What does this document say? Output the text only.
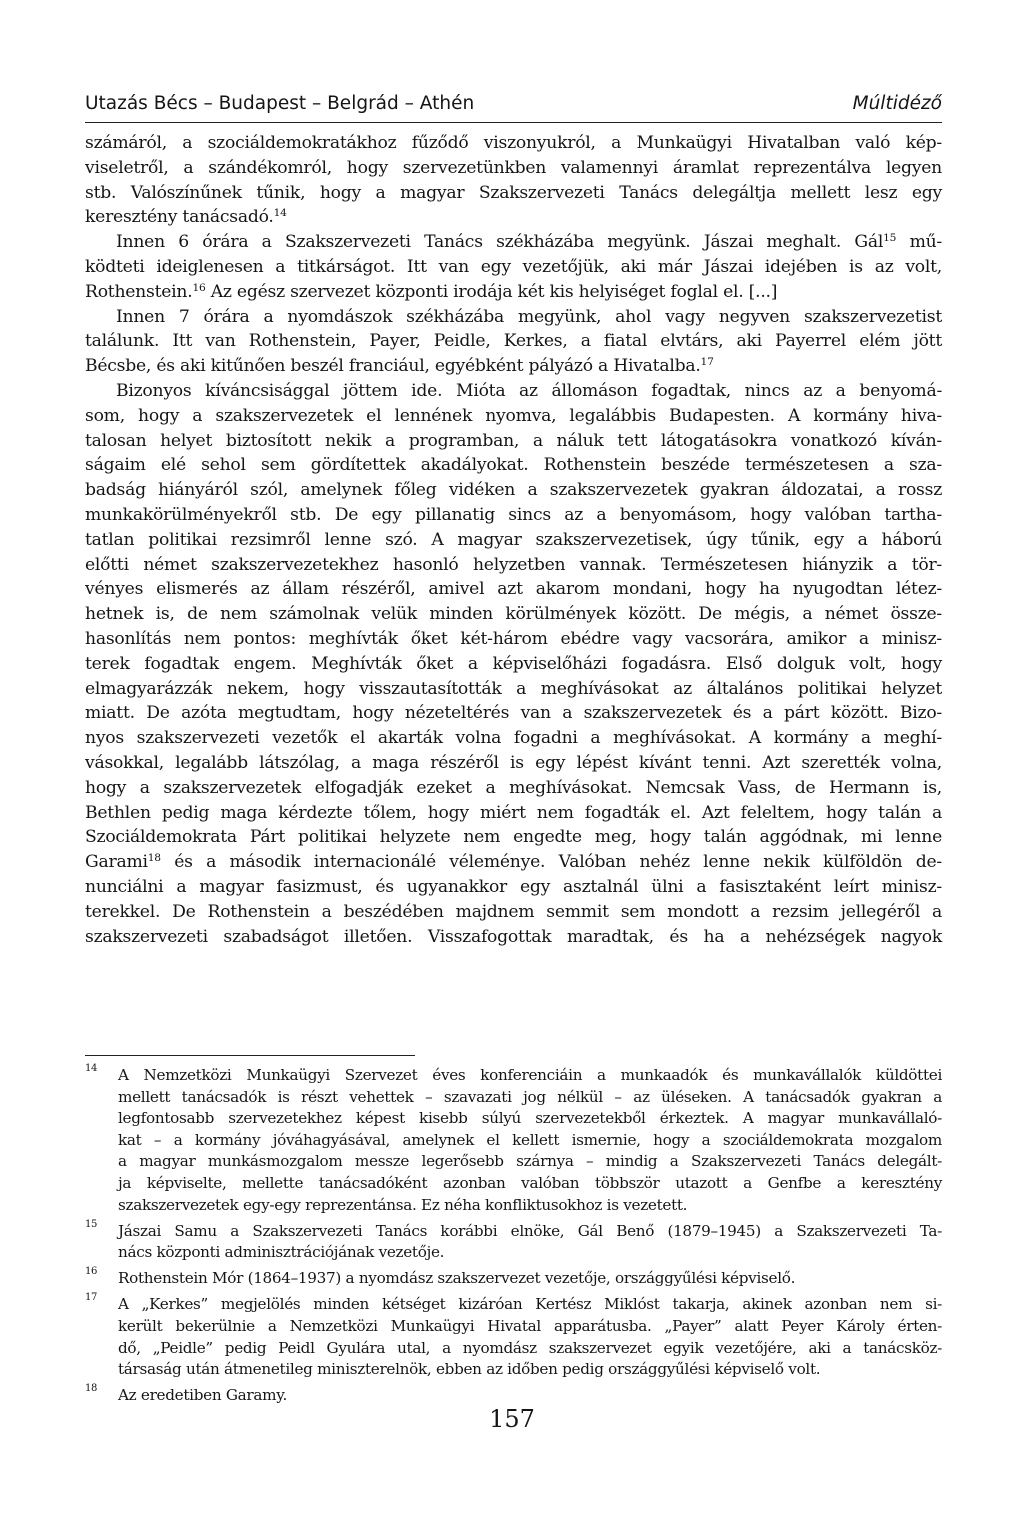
Utazás Bécs – Budapest – Belgrád – Athén	Múltidéző
számáról, a szociáldemokratákhoz fűződő viszonyukról, a Munkaügyi Hivatalban való kép-
viseletről, a szándékomról, hogy szervezetünkben valamennyi áramlat reprezentálva legyen
stb. Valószínűnek tűnik, hogy a magyar Szakszervezeti Tanács delegáltja mellett lesz egy
keresztény tanácsadó.$^{14}$
Innen 6 órára a Szakszervezeti Tanács székházába megyünk. Jászai meghalt. Gál$^{15}$ mű-
ködteti ideiglenesen a titkárságot. Itt van egy vezetőjük, aki már Jászai idejében is az volt,
Rothenstein.$^{16}$ Az egész szervezet központi irodája két kis helyiséget foglal el. [...]
Innen 7 órára a nyomdászok székházába megyünk, ahol vagy negyven szakszervezetist
találunk. Itt van Rothenstein, Payer, Peidle, Kerkes, a fiatal elvtárs, aki Payerrel elém jött
Bécsbe, és aki kitűnően beszél franciául, egyébként pályázó a Hivatalba.$^{17}$
Bizonyos kíváncsisággal jöttem ide. Mióta az állomáson fogadtak, nincs az a benyomá-
som, hogy a szakszervezetek el lennének nyomva, legalábbis Budapesten. A kormány hiva-
talosan helyet biztosított nekik a programban, a náluk tett látogatásokra vonatkozó kíván-
ságaim elé sehol sem gördítettek akadályokat. Rothenstein beszéde természetesen a sza-
badság hiányáról szól, amelynek főleg vidéken a szakszervezetek gyakran áldozatai, a rossz
munkakörülményekről stb. De egy pillanatig sincs az a benyomásom, hogy valóban tartha-
tatlan politikai rezsimről lenne szó. A magyar szakszervezetisek, úgy tűnik, egy a háború
előtti német szakszervezetekhez hasonló helyzetben vannak. Természetesen hiányzik a tör-
vényes elismerés az állam részéről, amivel azt akarom mondani, hogy ha nyugodtan létez-
hetnek is, de nem számolnak velük minden körülmények között. De mégis, a német össze-
hasonlítás nem pontos: meghívták őket két-három ebédre vagy vacsorára, amikor a minisz-
terek fogadtak engem. Meghívták őket a képviselőházi fogadásra. Első dolguk volt, hogy
elmagyarázzák nekem, hogy visszautasították a meghívásokat az általános politikai helyzet
miatt. De azóta megtudtam, hogy nézeteltérés van a szakszervezetek és a párt között. Bizo-
nyos szakszervezeti vezetők el akarták volna fogadni a meghívásokat. A kormány a meghí-
vásokkal, legalább látszólag, a maga részéről is egy lépést kívánt tenni. Azt szerették volna,
hogy a szakszervezetek elfogadják ezeket a meghívásokat. Nemcsak Vass, de Hermann is,
Bethlen pedig maga kérdezte tőlem, hogy miért nem fogadták el. Azt feleltem, hogy talán a
Szociáldemokrata Párt politikai helyzete nem engedte meg, hogy talán aggódnak, mi lenne
Garami$^{18}$ és a második internacionálé véleménye. Valóban nehéz lenne nekik külföldön de-
nunciálni a magyar fasizmust, és ugyanakkor egy asztalnál ülni a fasisztaként leírt minisz-
terekkel. De Rothenstein a beszédében majdnem semmit sem mondott a rezsim jellegéről a
szakszervezeti szabadságot illetően. Visszafogottak maradtak, és ha a nehézségek nagyok
14	A Nemzetközi Munkaügyi Szervezet éves konferenciáin a munkaadók és munkavállalók küldöttei
mellett tanácsadók is részt vehettek – szavazati jog nélkül – az üléseken. A tanácsadók gyakran a
legfontosabb szervezetekhez képest kisebb súlyú szervezetekből érkeztek. A magyar munkavállaló-
kat – a kormány jóváhagyásával, amelynek el kellett ismernie, hogy a szociáldemokrata mozgalom
a magyar munkásmozgalom messze legerősebb szárnya – mindig a Szakszervezeti Tanács delegált-
ja képviselte, mellette tanácsadóként azonban valóban többször utazott a Genfbe a keresztény
szakszervezetek egy-egy reprezentánsa. Ez néha konfliktusokhoz is vezetett.
15	Jászai Samu a Szakszervezeti Tanács korábbi elnöke, Gál Benő (1879–1945) a Szakszervezeti Ta-
nács központi adminisztrációjának vezetője.
16	Rothenstein Mór (1864–1937) a nyomdász szakszervezet vezetője, országgyűlési képviselő.
17	A „Kerkes” megjelölés minden kétséget kizáróan Kertész Miklóst takarja, akinek azonban nem si-
került bekerülnie a Nemzetközi Munkaügyi Hivatal apparátusba. „Payer” alatt Peyer Károly érten-
dő, „Peidle” pedig Peidl Gyulára utal, a nyomdász szakszervezet egyik vezetőjére, aki a tanácsköz-
társaság után átmenetileg miniszterelnök, ebben az időben pedig országgyűlési képviselő volt.
18	Az eredetiben Garamy.
157
